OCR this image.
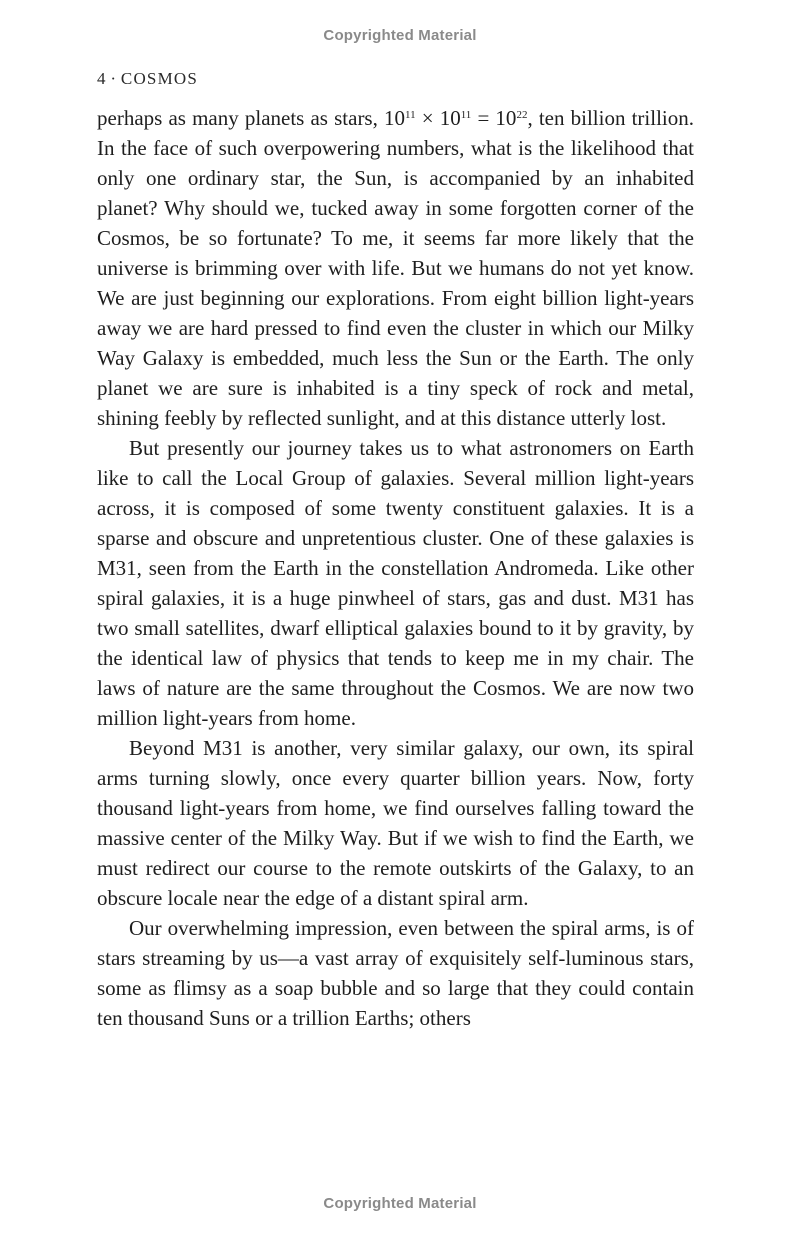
Copyrighted Material
4 · COSMOS

perhaps as many planets as stars, $10^{11} \times 10^{11} = 10^{22}$, ten billion trillion. In the face of such overpowering numbers, what is the likelihood that only one ordinary star, the Sun, is accompanied by an inhabited planet? Why should we, tucked away in some forgotten corner of the Cosmos, be so fortunate? To me, it seems far more likely that the universe is brimming over with life. But we humans do not yet know. We are just beginning our explorations. From eight billion light-years away we are hard pressed to find even the cluster in which our Milky Way Galaxy is embedded, much less the Sun or the Earth. The only planet we are sure is inhabited is a tiny speck of rock and metal, shining feebly by reflected sunlight, and at this distance utterly lost.

But presently our journey takes us to what astronomers on Earth like to call the Local Group of galaxies. Several million light-years across, it is composed of some twenty constituent galaxies. It is a sparse and obscure and unpretentious cluster. One of these galaxies is M31, seen from the Earth in the constellation Andromeda. Like other spiral galaxies, it is a huge pinwheel of stars, gas and dust. M31 has two small satellites, dwarf elliptical galaxies bound to it by gravity, by the identical law of physics that tends to keep me in my chair. The laws of nature are the same throughout the Cosmos. We are now two million light-years from home.

Beyond M31 is another, very similar galaxy, our own, its spiral arms turning slowly, once every quarter billion years. Now, forty thousand light-years from home, we find ourselves falling toward the massive center of the Milky Way. But if we wish to find the Earth, we must redirect our course to the remote outskirts of the Galaxy, to an obscure locale near the edge of a distant spiral arm.

Our overwhelming impression, even between the spiral arms, is of stars streaming by us—a vast array of exquisitely self-luminous stars, some as flimsy as a soap bubble and so large that they could contain ten thousand Suns or a trillion Earths; others

Copyrighted Material
